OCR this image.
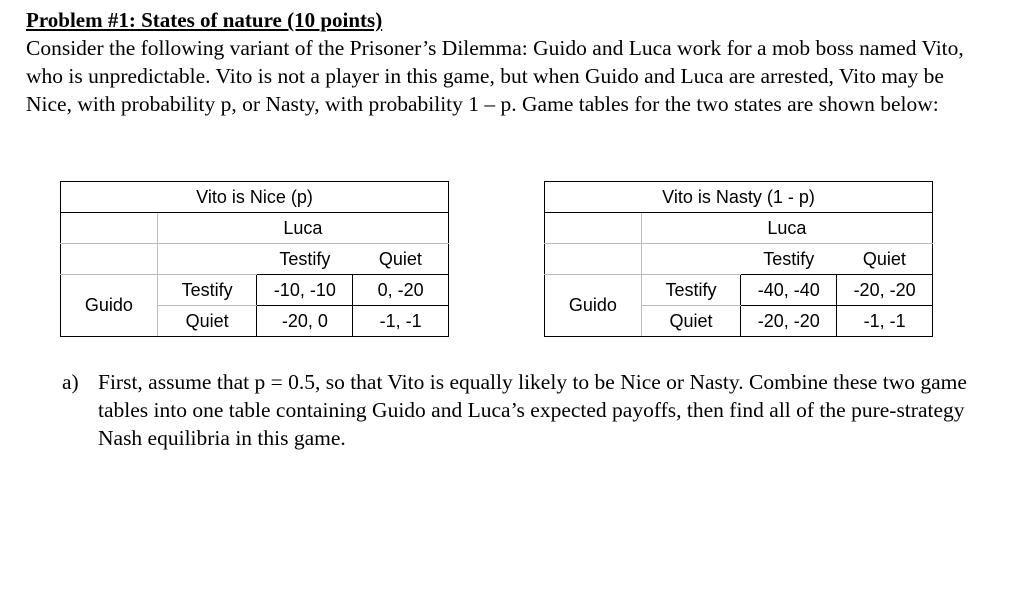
Problem #1: States of nature (10 points)
Consider the following variant of the Prisoner’s Dilemma: Guido and Luca work for a mob boss named Vito, who is unpredictable. Vito is not a player in this game, but when Guido and Luca are arrested, Vito may be Nice, with probability p, or Nasty, with probability 1 – p. Game tables for the two states are shown below:
Vito is Nice (p)			
	Luca		
		Testify	Quiet
Guido	Testify	-10, -10	0, -20
	Quiet	-20, 0	-1, -1
Vito is Nasty (1 - p)			
	Luca		
		Testify	Quiet
Guido	Testify	-40, -40	-20, -20
	Quiet	-20, -20	-1, -1
a) First, assume that p = 0.5, so that Vito is equally likely to be Nice or Nasty. Combine these two game tables into one table containing Guido and Luca’s expected payoffs, then find all of the pure-strategy Nash equilibria in this game.
